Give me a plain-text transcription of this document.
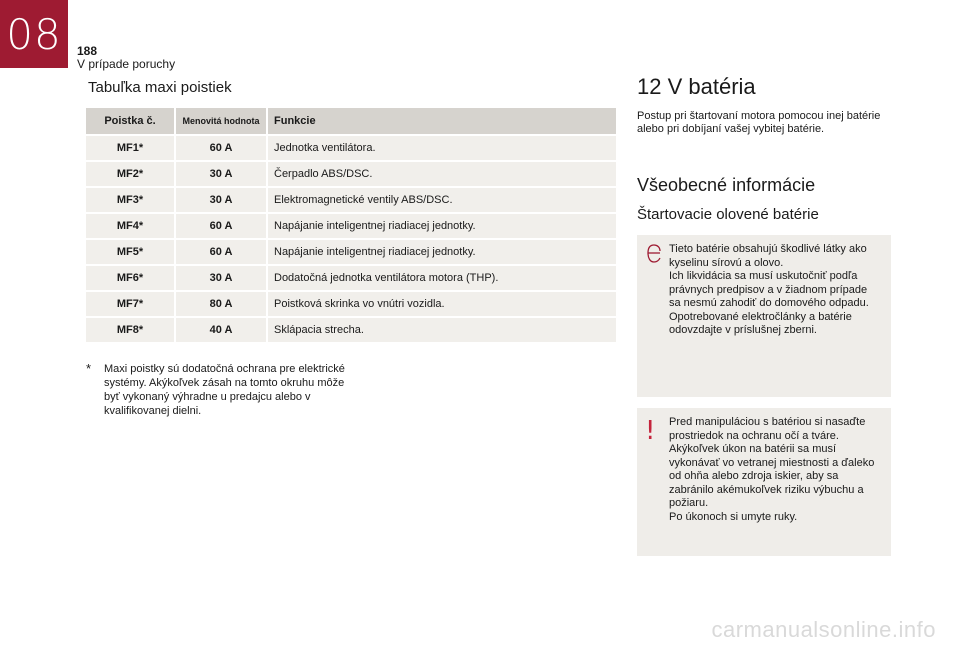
08 188
V prípade poruchy
Tabuľka maxi poistiek
Poistka č.	Menovitá hodnota	Funkcie
MF1*	60 A	Jednotka ventilátora.
MF2*	30 A	Čerpadlo ABS/DSC.
MF3*	30 A	Elektromagnetické ventily ABS/DSC.
MF4*	60 A	Napájanie inteligentnej riadiacej jednotky.
MF5*	60 A	Napájanie inteligentnej riadiacej jednotky.
MF6*	30 A	Dodatočná jednotka ventilátora motora (THP).
MF7*	80 A	Poistková skrinka vo vnútri vozidla.
MF8*	40 A	Sklápacia strecha.
* Maxi poistky sú dodatočná ochrana pre elektrické systémy. Akýkoľvek zásah na tomto okruhu môže byť vykonaný výhradne u predajcu alebo v kvalifikovanej dielni.
12 V batéria
Postup pri štartovaní motora pomocou inej batérie alebo pri dobíjaní vašej vybitej batérie.
Všeobecné informácie
Štartovacie olovené batérie

Tieto batérie obsahujú škodlivé látky ako kyselinu sírovú a olovo.

Ich likvidácia sa musí uskutočniť podľa právnych predpisov a v žiadnom prípade sa nesmú zahodiť do domového odpadu.

Opotrebované elektročlánky a batérie odovzdajte v príslušnej zberni.

! Pred manipuláciou s batériou si nasaďte prostriedok na ochranu očí a tváre.

Akýkoľvek úkon na batérii sa musí vykonávať vo vetranej miestnosti a ďaleko od ohňa alebo zdroja iskier, aby sa zabránilo akémukoľvek riziku výbuchu a požiaru.

Po úkonoch si umyte ruky.

carmanualsonline.info
